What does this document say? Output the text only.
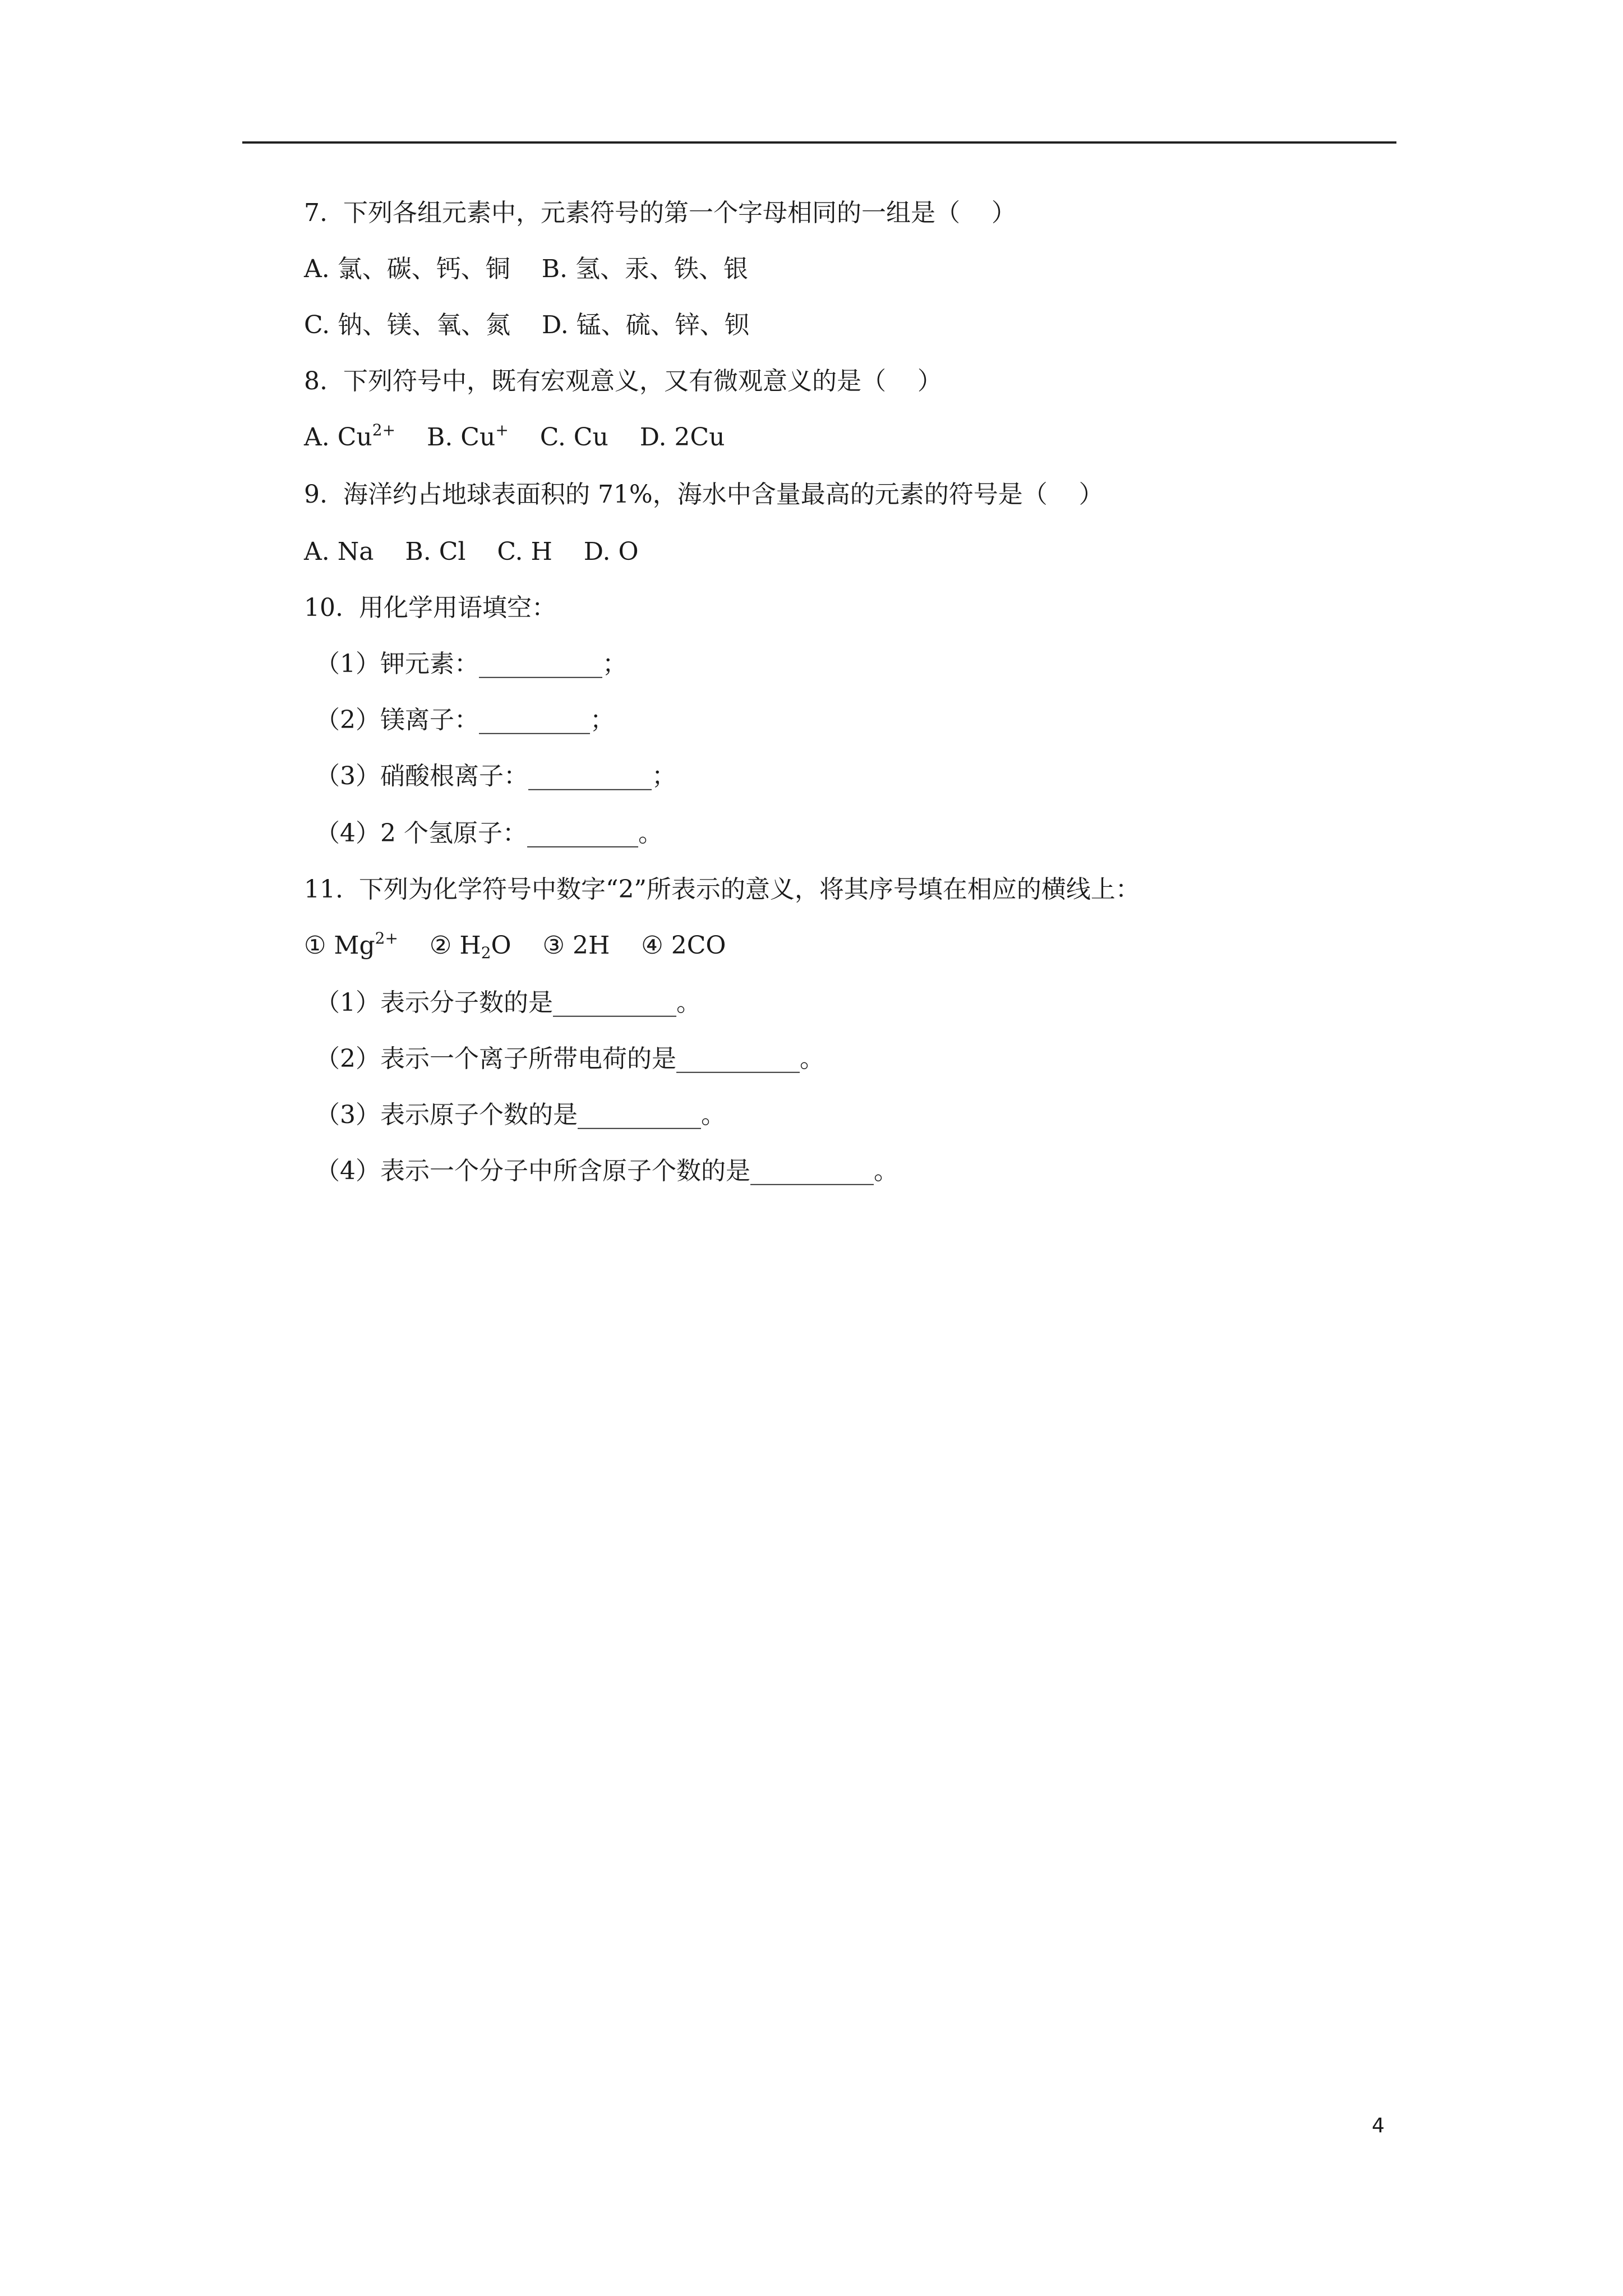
7.  下列各组元素中，元素符号的第一个字母相同的一组是（    ）
A. 氯、碳、钙、铜    B. 氢、汞、铁、银
C. 钠、镁、氧、氮    D. 锰、硫、锌、钡
8.  下列符号中，既有宏观意义，又有微观意义的是（    ）
A. $Cu^{2+}$    B. Cu+    C. Cu    D. 2Cu
9.  海洋约占地球表面积的 71%，海水中含量最高的元素的符号是（    ）
A. Na    B. Cl    C. H    D. O
10.  用化学用语填空：
（1）钾元素：__________；
（2）镁离子：_________；
（3）硝酸根离子：__________；
（4）2 个氢原子：_________。
11.  下列为化学符号中数字“2”所表示的意义，将其序号填在相应的横线上：
① $Mg^{2+}$    ② $H_2O$    ③ 2H    ④ 2CO
（1）表示分子数的是__________。
（2）表示一个离子所带电荷的是__________。
（3）表示原子个数的是__________。
（4）表示一个分子中所含原子个数的是__________。
4
